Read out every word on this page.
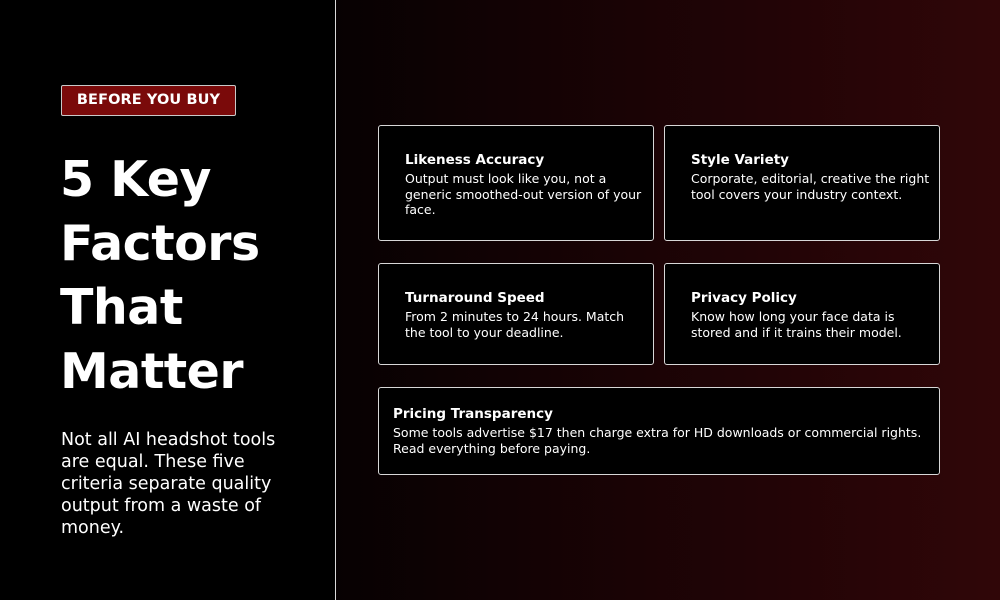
BEFORE YOU BUY
5 Key
Factors
That
Matter

Not all AI headshot tools are equal. These five criteria separate quality output from a waste of money.

Likeness Accuracy

Output must look like you, not a generic smoothed-out version of your face.

Style Variety

Corporate, editorial, creative the right tool covers your industry context.

Turnaround Speed

From 2 minutes to 24 hours. Match the tool to your deadline.

Privacy Policy

Know how long your face data is stored and if it trains their model.

Pricing Transparency

Some tools advertise $17 then charge extra for HD downloads or commercial rights. Read everything before paying.
